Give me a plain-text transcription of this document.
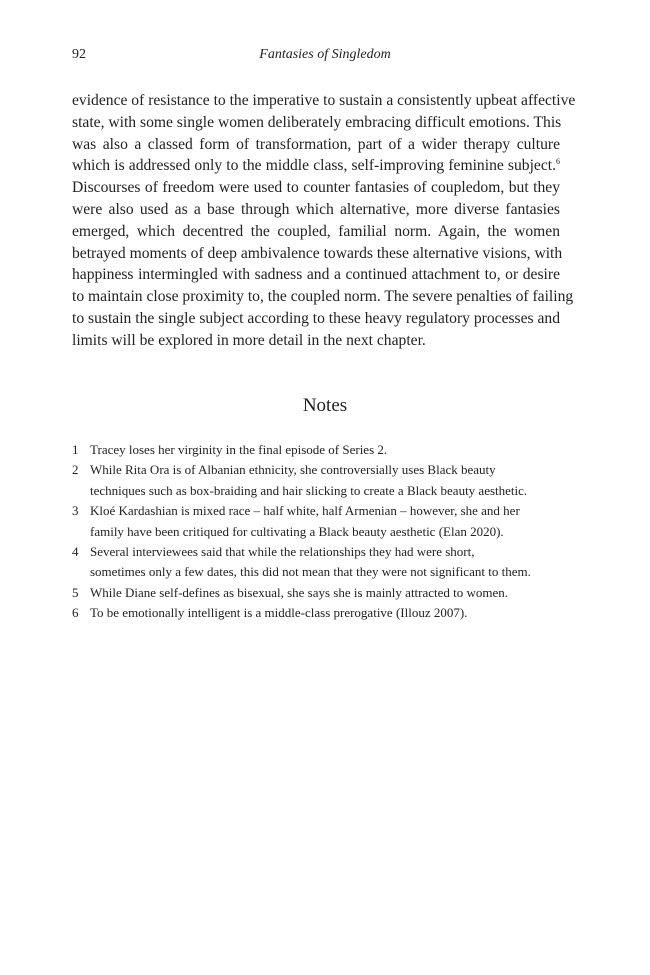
92	Fantasies of Singledom
evidence of resistance to the imperative to sustain a consistently upbeat affective
state, with some single women deliberately embracing difficult emotions. This
was also a classed form of transformation, part of a wider therapy culture
which is addressed only to the middle class, self-improving feminine subject.$^6$
Discourses of freedom were used to counter fantasies of coupledom, but they
were also used as a base through which alternative, more diverse fantasies
emerged, which decentred the coupled, familial norm. Again, the women
betrayed moments of deep ambivalence towards these alternative visions, with
happiness intermingled with sadness and a continued attachment to, or desire
to maintain close proximity to, the coupled norm. The severe penalties of failing
to sustain the single subject according to these heavy regulatory processes and
limits will be explored in more detail in the next chapter.
Notes
1 Tracey loses her virginity in the final episode of Series 2.
2 While Rita Ora is of Albanian ethnicity, she controversially uses Black beauty
techniques such as box-braiding and hair slicking to create a Black beauty aesthetic.
3 Kloé Kardashian is mixed race – half white, half Armenian – however, she and her
family have been critiqued for cultivating a Black beauty aesthetic (Elan 2020).
4 Several interviewees said that while the relationships they had were short,
sometimes only a few dates, this did not mean that they were not significant to them.
5 While Diane self-defines as bisexual, she says she is mainly attracted to women.
6 To be emotionally intelligent is a middle-class prerogative (Illouz 2007).
